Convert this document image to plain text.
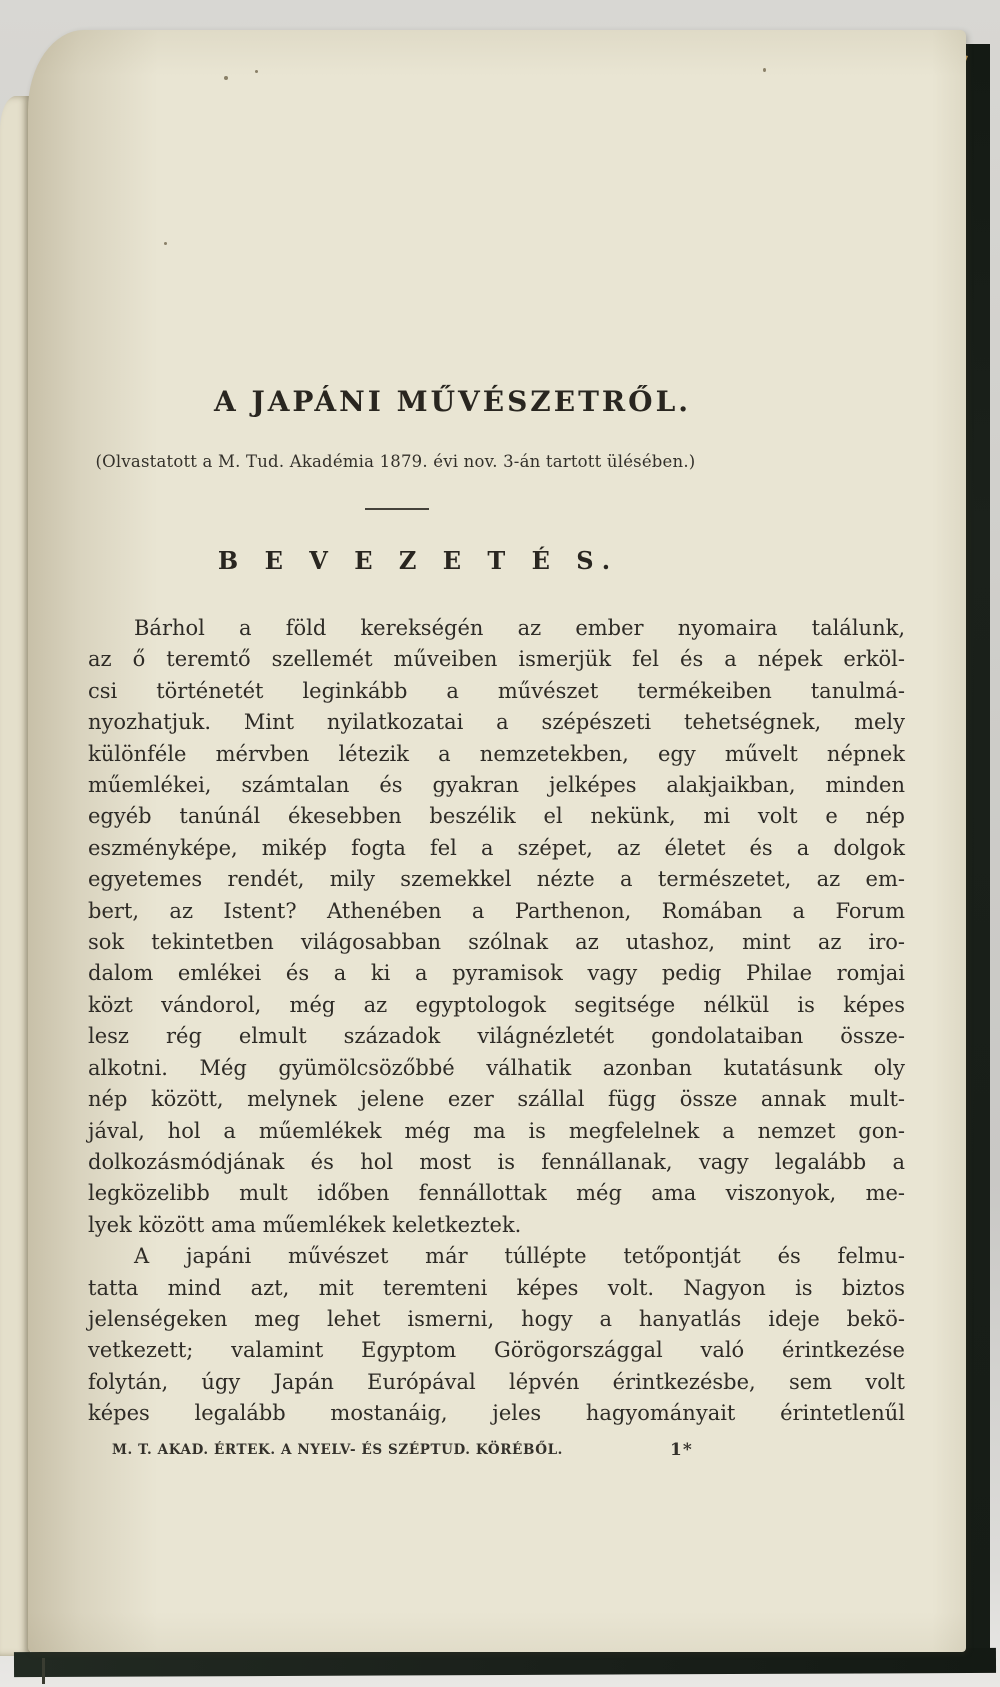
A JAPÁNI MŰVÉSZETRŐL.
(Olvastatott a M. Tud. Akadémia 1879. évi nov. 3-án tartott ülésében.)
B E V E Z E T É S.
Bárhol a föld kerekségén az ember nyomaira találunk,
az ő teremtő szellemét műveiben ismerjük fel és a népek erköl-
csi történetét leginkább a művészet termékeiben tanulmá-
nyozhatjuk. Mint nyilatkozatai a szépészeti tehetségnek, mely
különféle mérvben létezik a nemzetekben, egy művelt népnek
műemlékei, számtalan és gyakran jelképes alakjaikban, minden
egyéb tanúnál ékesebben beszélik el nekünk, mi volt e nép
eszményképe, mikép fogta fel a szépet, az életet és a dolgok
egyetemes rendét, mily szemekkel nézte a természetet, az em-
bert, az Istent? Athenében a Parthenon, Romában a Forum
sok tekintetben világosabban szólnak az utashoz, mint az iro-
dalom emlékei és a ki a pyramisok vagy pedig Philae romjai
közt vándorol, még az egyptologok segitsége nélkül is képes
lesz rég elmult századok világnézletét gondolataiban össze-
alkotni. Még gyümölcsözőbbé válhatik azonban kutatásunk oly
nép között, melynek jelene ezer szállal függ össze annak mult-
jával, hol a műemlékek még ma is megfelelnek a nemzet gon-
dolkozásmódjának és hol most is fennállanak, vagy legalább a
legközelibb mult időben fennállottak még ama viszonyok, me-
lyek között ama műemlékek keletkeztek.
A japáni művészet már túllépte tetőpontját és felmu-
tatta mind azt, mit teremteni képes volt. Nagyon is biztos
jelenségeken meg lehet ismerni, hogy a hanyatlás ideje bekö-
vetkezett; valamint Egyptom Görögországgal való érintkezése
folytán, úgy Japán Európával lépvén érintkezésbe, sem volt
képes legalább mostanáig, jeles hagyományait érintetlenűl
M. T. AKAD. ÉRTEK. A NYELV- ÉS SZÉPTUD. KÖRÉBŐL.	1*
